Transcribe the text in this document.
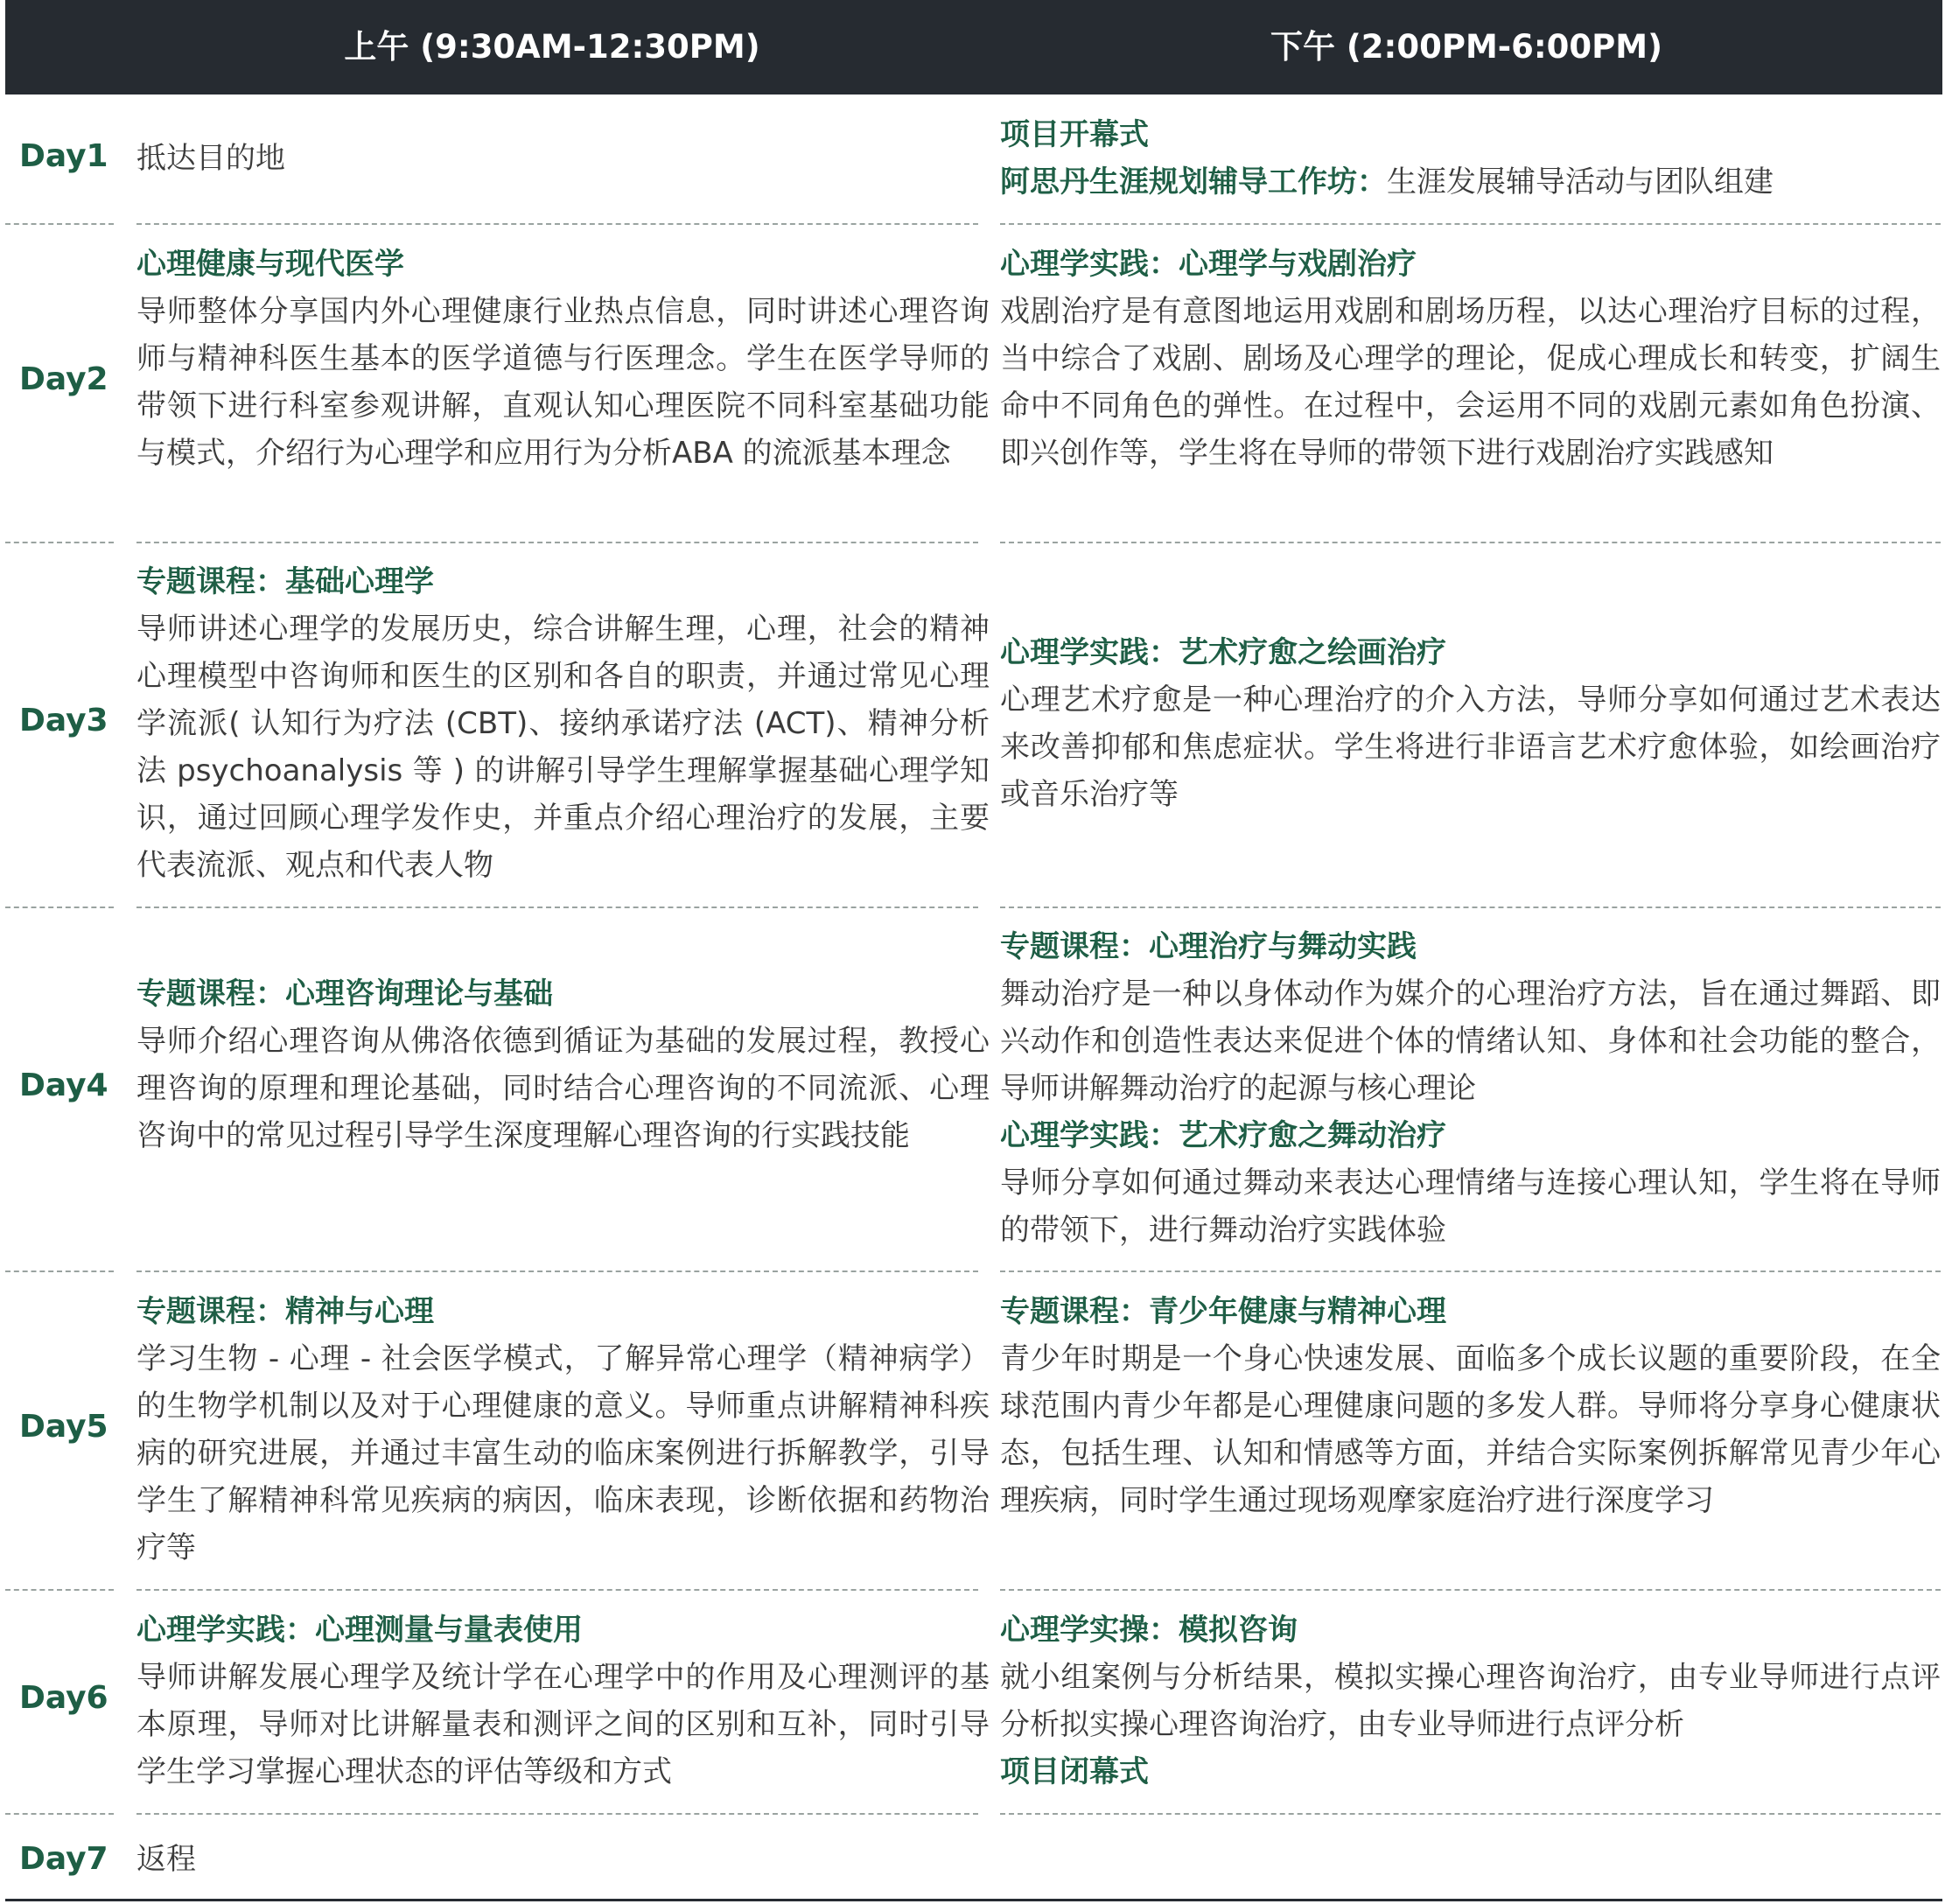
上午 (9:30AM-12:30PM)	下午 (2:00PM-6:00PM)
Day1 抵达目的地
项目开幕式
阿思丹生涯规划辅导工作坊：生涯发展辅导活动与团队组建
Day2
心理健康与现代医学
导师整体分享国内外心理健康行业热点信息，同时讲述心理咨询师与精神科医生基本的医学道德与行医理念。学生在医学导师的带领下进行科室参观讲解，直观认知心理医院不同科室基础功能与模式，介绍行为心理学和应用行为分析ABA 的流派基本理念
心理学实践：心理学与戏剧治疗
戏剧治疗是有意图地运用戏剧和剧场历程，以达心理治疗目标的过程，当中综合了戏剧、剧场及心理学的理论，促成心理成长和转变，扩阔生命中不同角色的弹性。在过程中，会运用不同的戏剧元素如角色扮演、即兴创作等，学生将在导师的带领下进行戏剧治疗实践感知
Day3
专题课程：基础心理学
导师讲述心理学的发展历史，综合讲解生理，心理，社会的精神心理模型中咨询师和医生的区别和各自的职责，并通过常见心理学流派( 认知行为疗法 (CBT)、接纳承诺疗法 (ACT)、精神分析法 psychoanalysis 等 ) 的讲解引导学生理解掌握基础心理学知识，通过回顾心理学发作史，并重点介绍心理治疗的发展，主要代表流派、观点和代表人物
心理学实践：艺术疗愈之绘画治疗
心理艺术疗愈是一种心理治疗的介入方法，导师分享如何通过艺术表达来改善抑郁和焦虑症状。学生将进行非语言艺术疗愈体验，如绘画治疗或音乐治疗等
Day4
专题课程：心理咨询理论与基础
导师介绍心理咨询从佛洛依德到循证为基础的发展过程，教授心理咨询的原理和理论基础，同时结合心理咨询的不同流派、心理咨询中的常见过程引导学生深度理解心理咨询的行实践技能
专题课程：心理治疗与舞动实践
舞动治疗是一种以身体动作为媒介的心理治疗方法，旨在通过舞蹈、即兴动作和创造性表达来促进个体的情绪认知、身体和社会功能的整合，导师讲解舞动治疗的起源与核心理论
心理学实践：艺术疗愈之舞动治疗
导师分享如何通过舞动来表达心理情绪与连接心理认知，学生将在导师的带领下，进行舞动治疗实践体验
Day5
专题课程：精神与心理
学习生物 - 心理 - 社会医学模式，了解异常心理学（精神病学）的生物学机制以及对于心理健康的意义。导师重点讲解精神科疾病的研究进展，并通过丰富生动的临床案例进行拆解教学，引导学生了解精神科常见疾病的病因，临床表现，诊断依据和药物治疗等
专题课程：青少年健康与精神心理
青少年时期是一个身心快速发展、面临多个成长议题的重要阶段，在全球范围内青少年都是心理健康问题的多发人群。导师将分享身心健康状态，包括生理、认知和情感等方面，并结合实际案例拆解常见青少年心理疾病，同时学生通过现场观摩家庭治疗进行深度学习
Day6
心理学实践：心理测量与量表使用
导师讲解发展心理学及统计学在心理学中的作用及心理测评的基本原理，导师对比讲解量表和测评之间的区别和互补，同时引导学生学习掌握心理状态的评估等级和方式
心理学实操：模拟咨询
就小组案例与分析结果，模拟实操心理咨询治疗，由专业导师进行点评分析拟实操心理咨询治疗，由专业导师进行点评分析
项目闭幕式
Day7 返程
